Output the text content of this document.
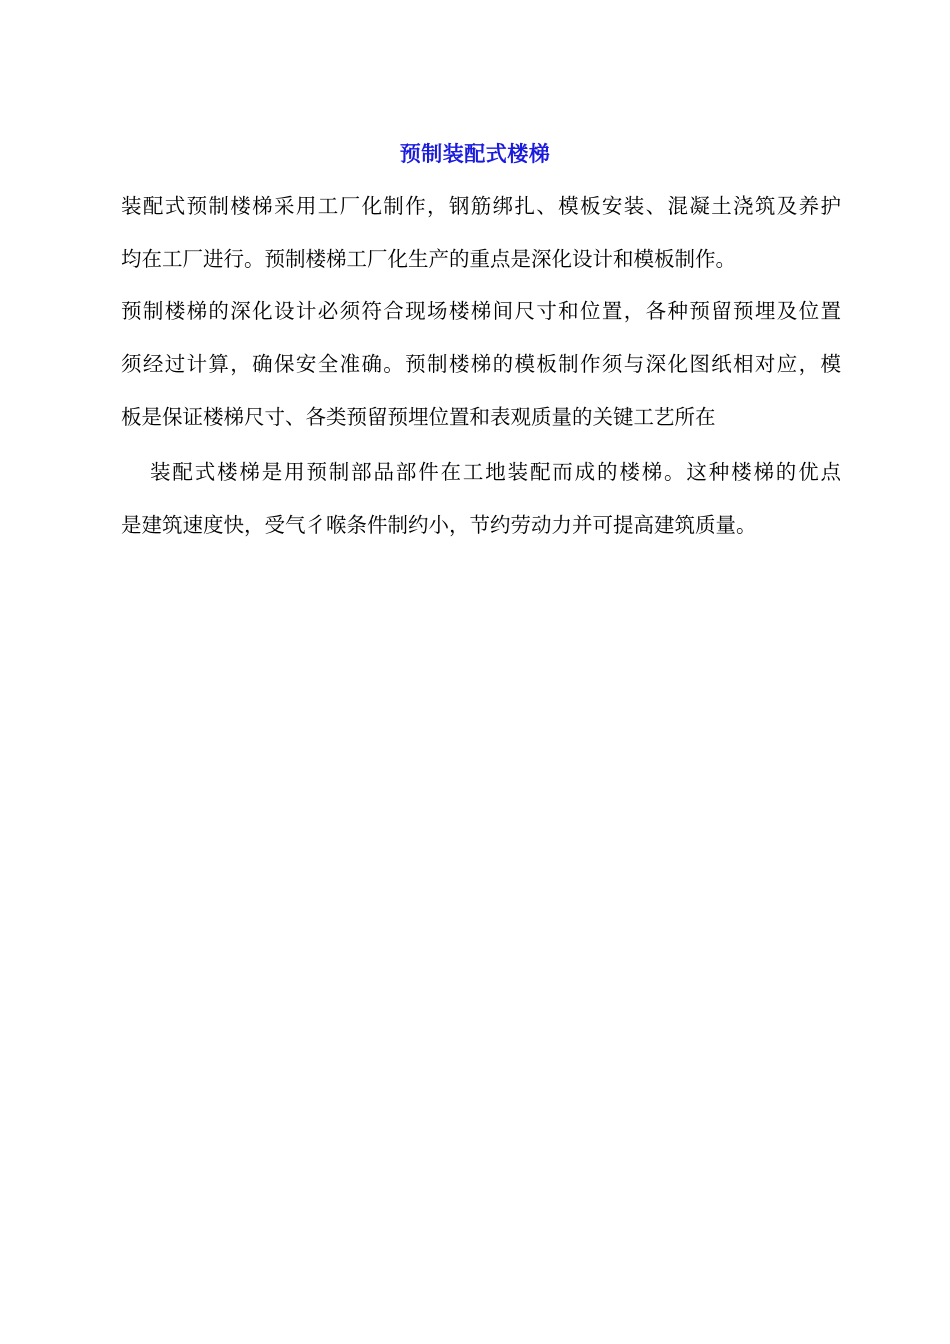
预制装配式楼梯
装配式预制楼梯采用工厂化制作，钢筋绑扎、模板安装、混凝土浇筑及养护
均在工厂进行。预制楼梯工厂化生产的重点是深化设计和模板制作。
预制楼梯的深化设计必须符合现场楼梯间尺寸和位置，各种预留预埋及位置
须经过计算，确保安全准确。预制楼梯的模板制作须与深化图纸相对应，模
板是保证楼梯尺寸、各类预留预埋位置和表观质量的关键工艺所在
装配式楼梯是用预制部品部件在工地装配而成的楼梯。这种楼梯的优点
是建筑速度快，受气彳喉条件制约小，节约劳动力并可提高建筑质量。
